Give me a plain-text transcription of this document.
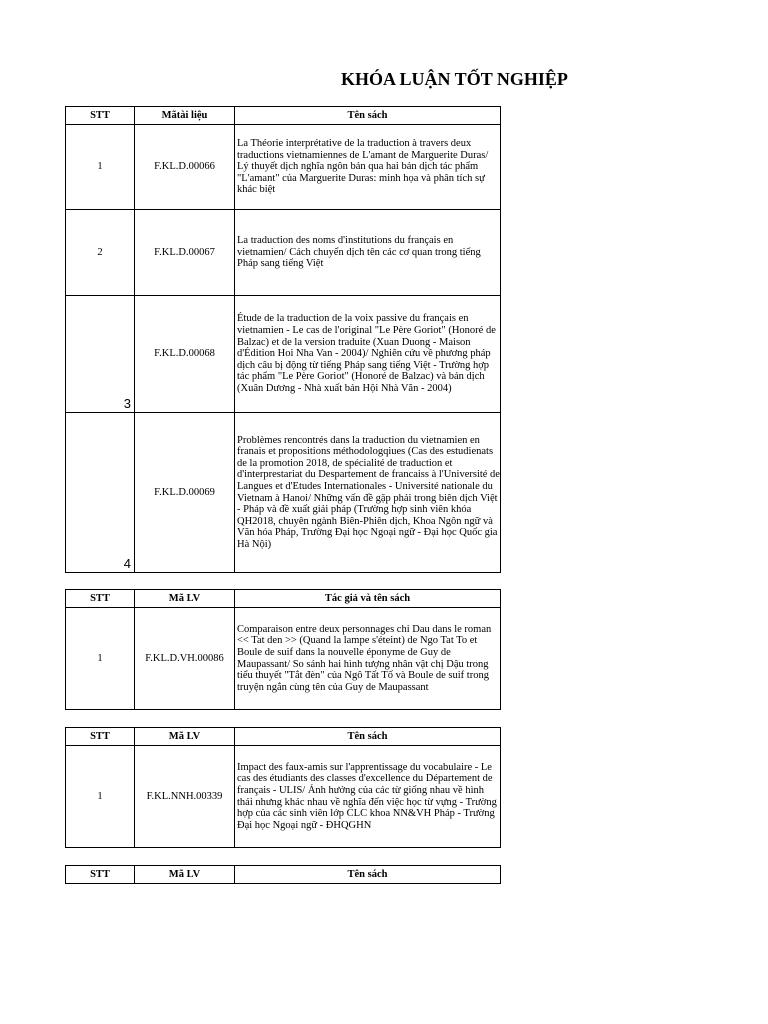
KHÓA LUẬN TỐT NGHIỆP
STT	Mãtài liệu	Tên sách
1	F.KL.D.00066	La Théorie interprétative de la traduction à travers deux traductions vietnamiennes de L'amant de Marguerite Duras/ Lý thuyết dịch nghĩa ngôn bản qua hai bản dịch tác phẩm "L'amant" của Marguerite Duras: minh họa và phân tích sự khác biệt
2	F.KL.D.00067	La traduction des noms d'institutions du français en vietnamien/ Cách chuyển dịch tên các cơ quan trong tiếng Pháp sang tiếng Việt

3	F.KL.D.00068	Étude de la traduction de la voix passive du français en vietnamien - Le cas de l'original "Le Père Goriot" (Honoré de Balzac) et de la version traduite (Xuan Duong - Maison d'Édition Hoi Nha Van - 2004)/ Nghiên cứu về phương pháp dịch câu bị động từ tiếng Pháp sang tiếng Việt - Trường hợp tác phẩm "Le Père Goriot" (Honoré de Balzac) và bản dịch (Xuân Dương - Nhà xuất bản Hội Nhà Văn - 2004)

4	F.KL.D.00069	Problèmes rencontrés dans la traduction du vietnamien en franais et propositions méthodologqiues (Cas des estudienats de la promotion 2018, de spécialité de traduction et d'interprestariat du Despartement de francaiss à l'Université de Langues et d'Etudes Internationales - Université nationale du Vietnam à Hanoi/ Những vấn đề gặp phải trong biên dịch Việt - Pháp và đề xuất giải pháp (Trường hợp sinh viên khóa QH2018, chuyên ngành Biên-Phiên dịch, Khoa Ngôn ngữ và Văn hóa Pháp, Trường Đại học Ngoại ngữ - Đại học Quốc gia Hà Nội)
STT	Mã LV	Tác giả và tên sách
1	F.KL.D.VH.00086	Comparaison entre deux personnages chi Dau dans le roman << Tat den >> (Quand la lampe s'éteint) de Ngo Tat To et Boule de suif dans la nouvelle éponyme de Guy de Maupassant/ So sánh hai hình tượng nhân vật chị Dậu trong tiểu thuyết "Tắt đèn" của Ngô Tất Tố và Boule de suif trong truyện ngắn cùng tên của Guy de Maupassant
STT	Mã LV	Tên sách
1	F.KL.NNH.00339	Impact des faux-amis sur l'apprentissage du vocabulaire - Le cas des étudiants des classes d'excellence du Département de français - ULIS/ Ảnh hưởng của các từ giống nhau về hình thái nhưng khác nhau về nghĩa đến việc học từ vựng - Trường hợp của các sinh viên lớp CLC khoa NN&VH Pháp - Trường Đại học Ngoại ngữ - ĐHQGHN
STT	Mã LV	Tên sách
